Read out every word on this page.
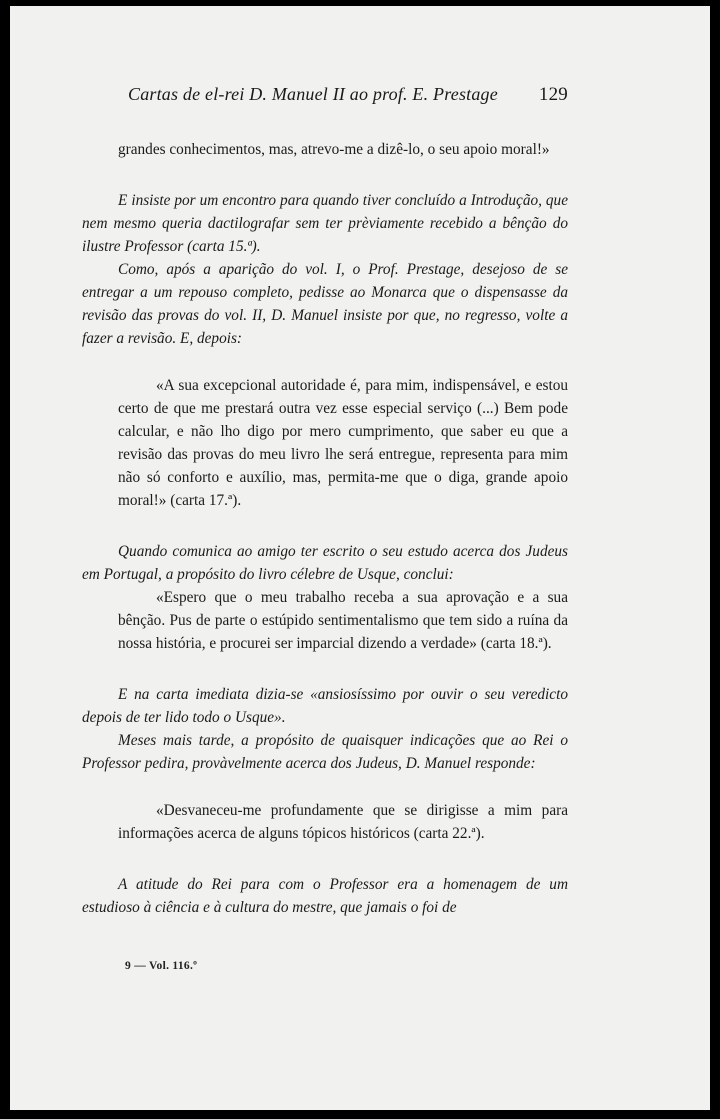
Cartas de el-rei D. Manuel II ao prof. E. Prestage 129

grandes conhecimentos, mas, atrevo-me a dizê-lo, o seu apoio moral!»

E insiste por um encontro para quando tiver concluído a Introdução, que nem mesmo queria dactilografar sem ter prèviamente recebido a bênção do ilustre Professor (carta 15.ª).

Como, após a aparição do vol. I, o Prof. Prestage, desejoso de se entregar a um repouso completo, pedisse ao Monarca que o dispensasse da revisão das provas do vol. II, D. Manuel insiste por que, no regresso, volte a fazer a revisão. E, depois:

«A sua excepcional autoridade é, para mim, indispensável, e estou certo de que me prestará outra vez esse especial serviço (...) Bem pode calcular, e não lho digo por mero cumprimento, que saber eu que a revisão das provas do meu livro lhe será entregue, representa para mim não só conforto e auxílio, mas, permita-me que o diga, grande apoio moral!» (carta 17.ª).

Quando comunica ao amigo ter escrito o seu estudo acerca dos Judeus em Portugal, a propósito do livro célebre de Usque, conclui:

«Espero que o meu trabalho receba a sua aprovação e a sua bênção. Pus de parte o estúpido sentimentalismo que tem sido a ruína da nossa história, e procurei ser imparcial dizendo a verdade» (carta 18.ª).

E na carta imediata dizia-se «ansiosíssimo por ouvir o seu veredicto depois de ter lido todo o Usque».

Meses mais tarde, a propósito de quaisquer indicações que ao Rei o Professor pedira, provàvelmente acerca dos Judeus, D. Manuel responde:

«Desvaneceu-me profundamente que se dirigisse a mim para informações acerca de alguns tópicos históricos (carta 22.ª).

A atitude do Rei para com o Professor era a homenagem de um estudioso à ciência e à cultura do mestre, que jamais o foi de

9 — Vol. 116.º
